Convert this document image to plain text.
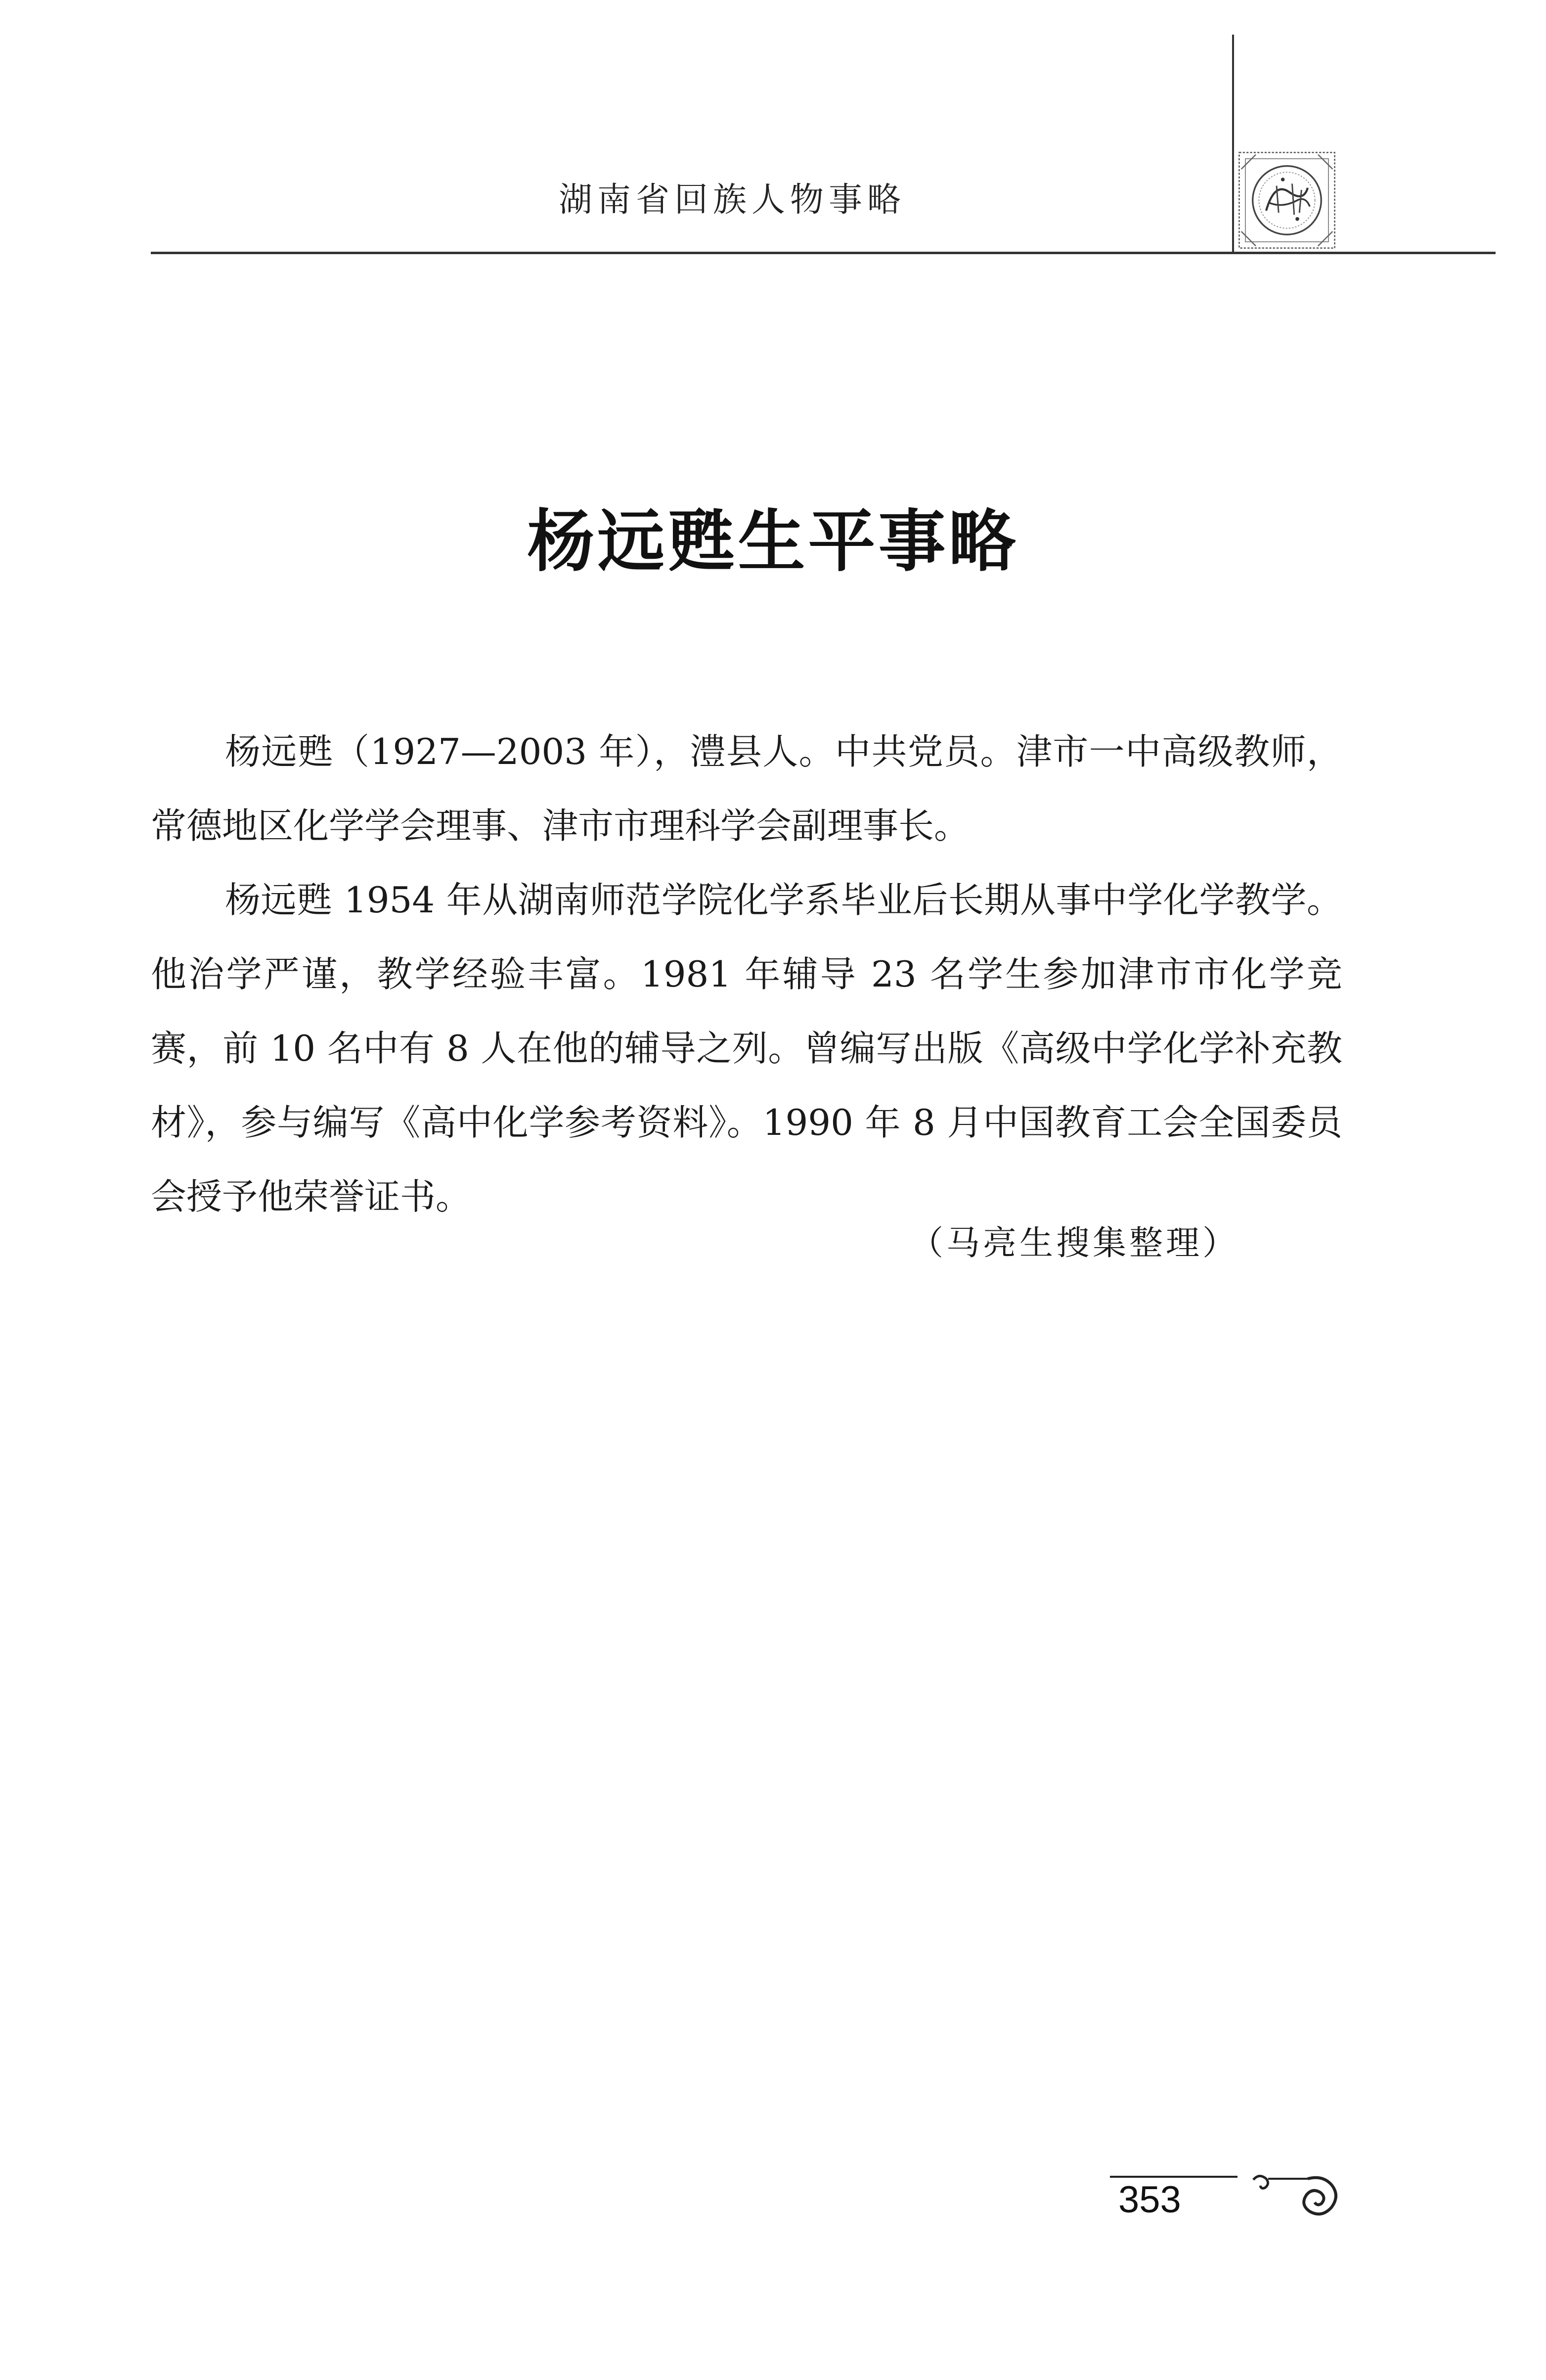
湖南省回族人物事略
杨远甦生平事略

杨远甦（1927—2003 年），澧县人。中共党员。津市一中高级教师，常德地区化学学会理事、津市市理科学会副理事长。

杨远甦 1954 年从湖南师范学院化学系毕业后长期从事中学化学教学。他治学严谨，教学经验丰富。1981 年辅导 23 名学生参加津市市化学竞赛，前 10 名中有 8 人在他的辅导之列。曾编写出版《高级中学化学补充教材》，参与编写《高中化学参考资料》。1990 年 8 月中国教育工会全国委员会授予他荣誉证书。

（马亮生搜集整理）
353
